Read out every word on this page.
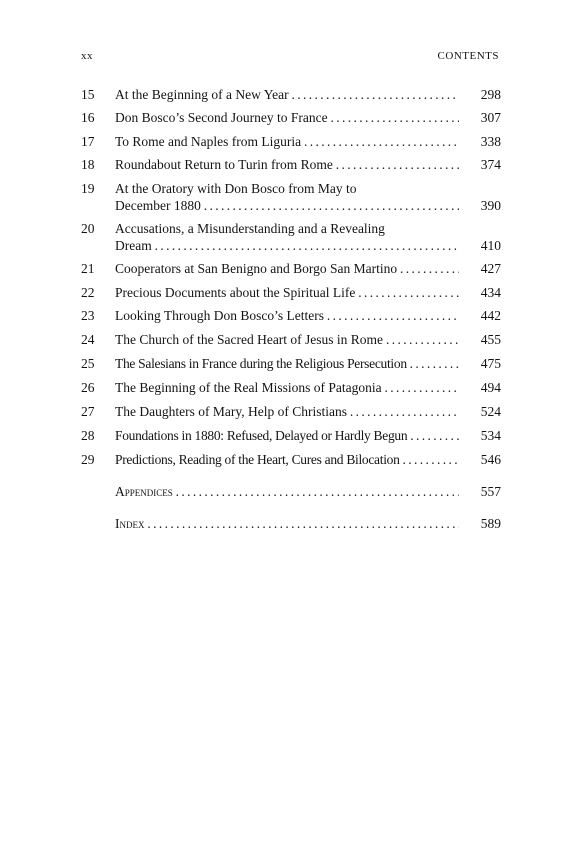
xx	CONTENTS
15 At the Beginning of a New Year . . .	298
16 Don Bosco’s Second Journey to France . . .	307
17 To Rome and Naples from Liguria . . .	338
18 Roundabout Return to Turin from Rome . . .	374
19 At the Oratory with Don Bosco from May to
December 1880 . . .	390
20 Accusations, a Misunderstanding and a Revealing
Dream . . .	410
21 Cooperators at San Benigno and Borgo San Martino . . .	427
22 Precious Documents about the Spiritual Life . . .	434
23 Looking Through Don Bosco’s Letters . . .	442
24 The Church of the Sacred Heart of Jesus in Rome . . .	455
25 The Salesians in France during the Religious Persecution . . .	475
26 The Beginning of the Real Missions of Patagonia . . .	494
27 The Daughters of Mary, Help of Christians . . .	524
28 Foundations in 1880: Refused, Delayed or Hardly Begun . . .	534
29 Predictions, Reading of the Heart, Cures and Bilocation . . .	546
Appendices . . .	557
Index . . .	589
